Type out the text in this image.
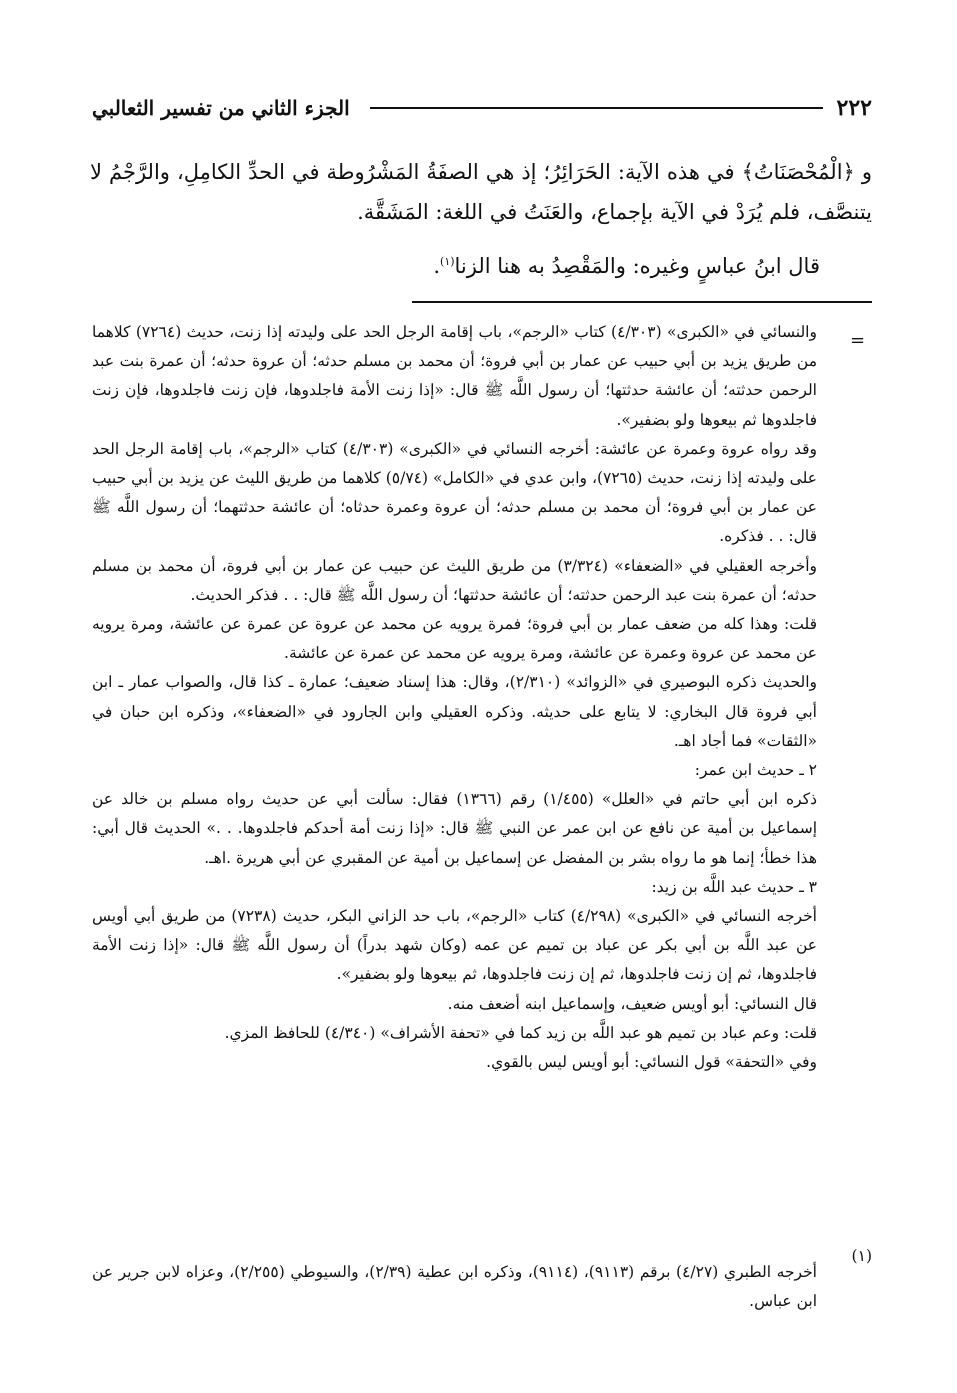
٢٢٢
الجزء الثاني من تفسير الثعالبي

و ﴿الْمُحْصَنَاتُ﴾ في هذه الآية: الحَرَائِرُ؛ إذ هي الصفَةُ المَشْرُوطة في الحدِّ الكامِلِ، والرَّجْمُ لا يتنصَّف، فلم يُرَدْ في الآية بإجماع، والعَنَتُ في اللغة: المَشَقَّة.

قال ابنُ عباسٍ وغيره: والمَقْصِدُ به هنا الزنا$^{(١)}$.

=

والنسائي في «الكبرى» (٤/٣٠٣) كتاب «الرجم»، باب إقامة الرجل الحد على وليدته إذا زنت، حديث (٧٢٦٤) كلاهما من طريق يزيد بن أبي حبيب عن عمار بن أبي فروة؛ أن محمد بن مسلم حدثه؛ أن عروة حدثه؛ أن عمرة بنت عبد الرحمن حدثته؛ أن عائشة حدثتها؛ أن رسول اللَّه ﷺ قال: «إذا زنت الأمة فاجلدوها، فإن زنت فاجلدوها، فإن زنت فاجلدوها ثم بيعوها ولو بضفير».

وقد رواه عروة وعمرة عن عائشة: أخرجه النسائي في «الكبرى» (٤/٣٠٣) كتاب «الرجم»، باب إقامة الرجل الحد على وليدته إذا زنت، حديث (٧٢٦٥)، وابن عدي في «الكامل» (٥/٧٤) كلاهما من طريق الليث عن يزيد بن أبي حبيب عن عمار بن أبي فروة؛ أن محمد بن مسلم حدثه؛ أن عروة وعمرة حدثاه؛ أن عائشة حدثتهما؛ أن رسول اللَّه ﷺ قال: . . فذكره.

وأخرجه العقيلي في «الضعفاء» (٣/٣٢٤) من طريق الليث عن حبيب عن عمار بن أبي فروة، أن محمد بن مسلم حدثه؛ أن عمرة بنت عبد الرحمن حدثته؛ أن عائشة حدثتها؛ أن رسول اللَّه ﷺ قال: . . فذكر الحديث.

قلت: وهذا كله من ضعف عمار بن أبي فروة؛ فمرة يرويه عن محمد عن عروة عن عمرة عن عائشة، ومرة يرويه عن محمد عن عروة وعمرة عن عائشة، ومرة يرويه عن محمد عن عمرة عن عائشة.

والحديث ذكره البوصيري في «الزوائد» (٢/٣١٠)، وقال: هذا إسناد ضعيف؛ عمارة ـ كذا قال، والصواب عمار ـ ابن أبي فروة قال البخاري: لا يتابع على حديثه. وذكره العقيلي وابن الجارود في «الضعفاء»، وذكره ابن حبان في «الثقات» فما أجاد اهـ.

٢ ـ حديث ابن عمر:

ذكره ابن أبي حاتم في «العلل» (١/٤٥٥) رقم (١٣٦٦) فقال: سألت أبي عن حديث رواه مسلم بن خالد عن إسماعيل بن أمية عن نافع عن ابن عمر عن النبي ﷺ قال: «إذا زنت أمة أحدكم فاجلدوها. . .» الحديث قال أبي: هذا خطأ؛ إنما هو ما رواه بشر بن المفضل عن إسماعيل بن أمية عن المقبري عن أبي هريرة .اهـ.

٣ ـ حديث عبد اللَّه بن زيد:

أخرجه النسائي في «الكبرى» (٤/٢٩٨) كتاب «الرجم»، باب حد الزاني البكر، حديث (٧٢٣٨) من طريق أبي أويس عن عبد اللَّه بن أبي بكر عن عباد بن تميم عن عمه (وكان شهد بدراً) أن رسول اللَّه ﷺ قال: «إذا زنت الأمة فاجلدوها، ثم إن زنت فاجلدوها، ثم إن زنت فاجلدوها، ثم بيعوها ولو بضفير».

قال النسائي: أبو أويس ضعيف، وإسماعيل ابنه أضعف منه.

قلت: وعم عباد بن تميم هو عبد اللَّه بن زيد كما في «تحفة الأشراف» (٤/٣٤٠) للحافظ المزي.

وفي «التحفة» قول النسائي: أبو أويس ليس بالقوي.

(١)

أخرجه الطبري (٤/٢٧) برقم (٩١١٣)، (٩١١٤)، وذكره ابن عطية (٢/٣٩)، والسيوطي (٢/٢٥٥)، وعزاه لابن جرير عن ابن عباس.
